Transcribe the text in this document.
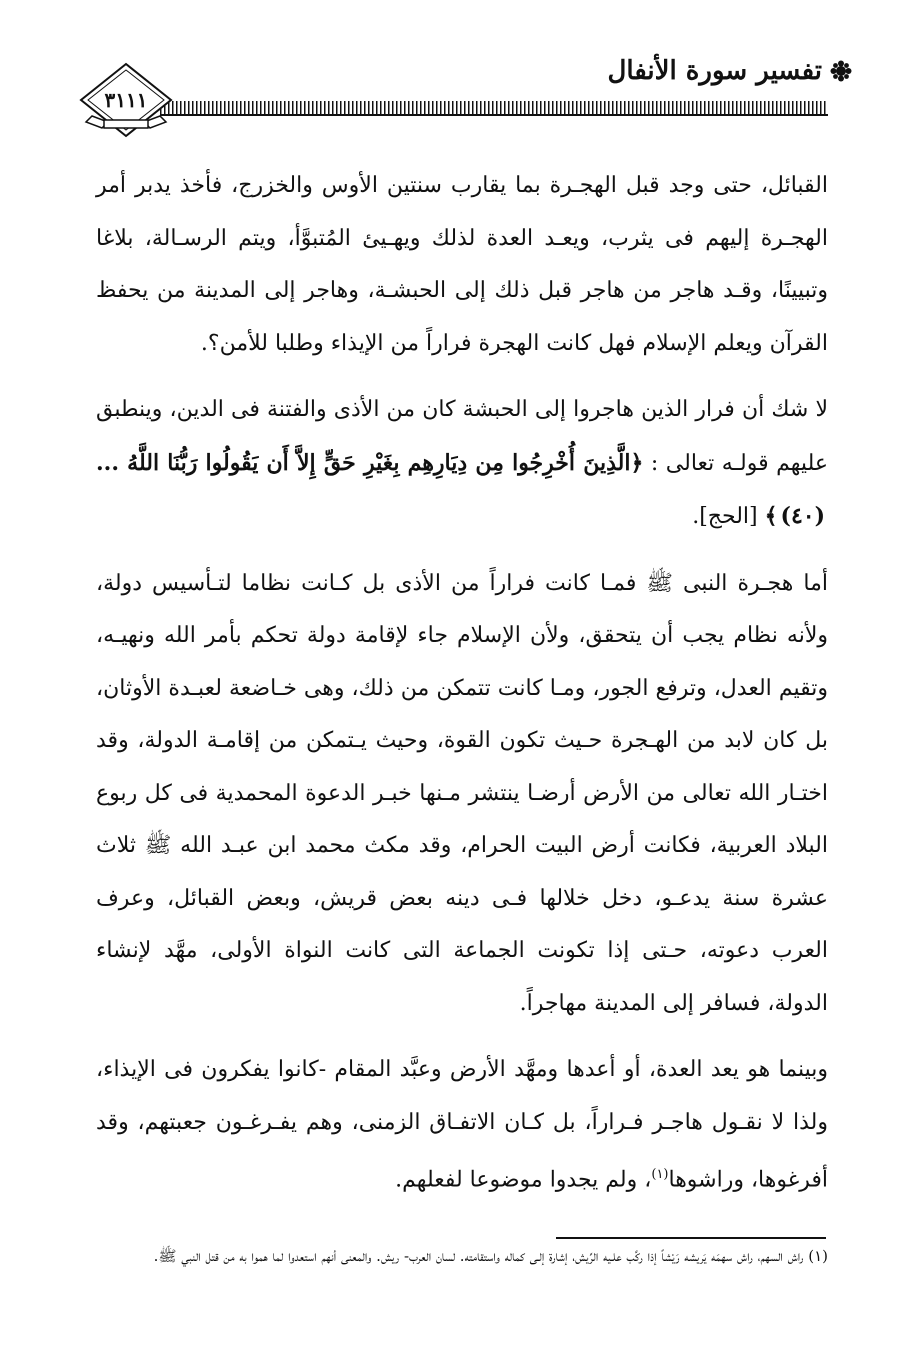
تفسير سورة الأنفال
٣١١١

القبائل، حتى وجد قبل الهجـرة بما يقارب سنتين الأوس والخزرج، فأخذ يدبر أمر الهجـرة إليهم فى يثرب، ويعـد العدة لذلك ويهـيئ المُتبوَّأ، ويتم الرسـالة، بلاغا وتبيينًا، وقـد هاجر من هاجر قبل ذلك إلى الحبشـة، وهاجر إلى المدينة من يحفظ القرآن ويعلم الإسلام فهل كانت الهجرة فراراً من الإيذاء وطلبا للأمن؟.

لا شك أن فرار الذين هاجروا إلى الحبشة كان من الأذى والفتنة فى الدين، وينطبق عليهم قولـه تعالى : ﴿الَّذِينَ أُخْرِجُوا مِن دِيَارِهِم بِغَيْرِ حَقٍّ إِلاَّ أَن يَقُولُوا رَبُّنَا اللَّهُ ...(٤٠)﴾ [الحج].

أما هجـرة النبى ﷺ فمـا كانت فراراً من الأذى بل كـانت نظاما لتـأسيس دولة، ولأنه نظام يجب أن يتحقق، ولأن الإسلام جاء لإقامة دولة تحكم بأمر الله ونهيـه، وتقيم العدل، وترفع الجور، ومـا كانت تتمكن من ذلك، وهى خـاضعة لعبـدة الأوثان، بل كان لابد من الهـجرة حـيث تكون القوة، وحيث يـتمكن من إقامـة الدولة، وقد اختـار الله تعالى من الأرض أرضـا ينتشر مـنها خبـر الدعوة المحمدية فى كل ربوع البلاد العربية، فكانت أرض البيت الحرام، وقد مكث محمد ابن عبـد الله ﷺ ثلاث عشرة سنة يدعـو، دخل خلالها فـى دينه بعض قريش، وبعض القبائل، وعرف العرب دعوته، حـتى إذا تكونت الجماعة التى كانت النواة الأولى، مهَّد لإنشاء الدولة، فسافر إلى المدينة مهاجراً.

وبينما هو يعد العدة، أو أعدها ومهَّد الأرض وعبَّد المقام -كانوا يفكرون فى الإيذاء، ولذا لا نقـول هاجـر فـراراً، بل كـان الاتفـاق الزمنى، وهم يفـرغـون جعبتهم، وقد أفرغوها، وراشوها$^{(١)}$، ولم يجدوا موضوعا لفعلهم.

(١) راش السهم، راش سهمَه يَريشه رَيْشاً إذا ركَّب علـيه الرِّيش، إشارة إلـى كماله واستقامته. لسان العرب- ريش. والمعنى أنهم استعدوا لما هموا به من قتل النبي ﷺ.
